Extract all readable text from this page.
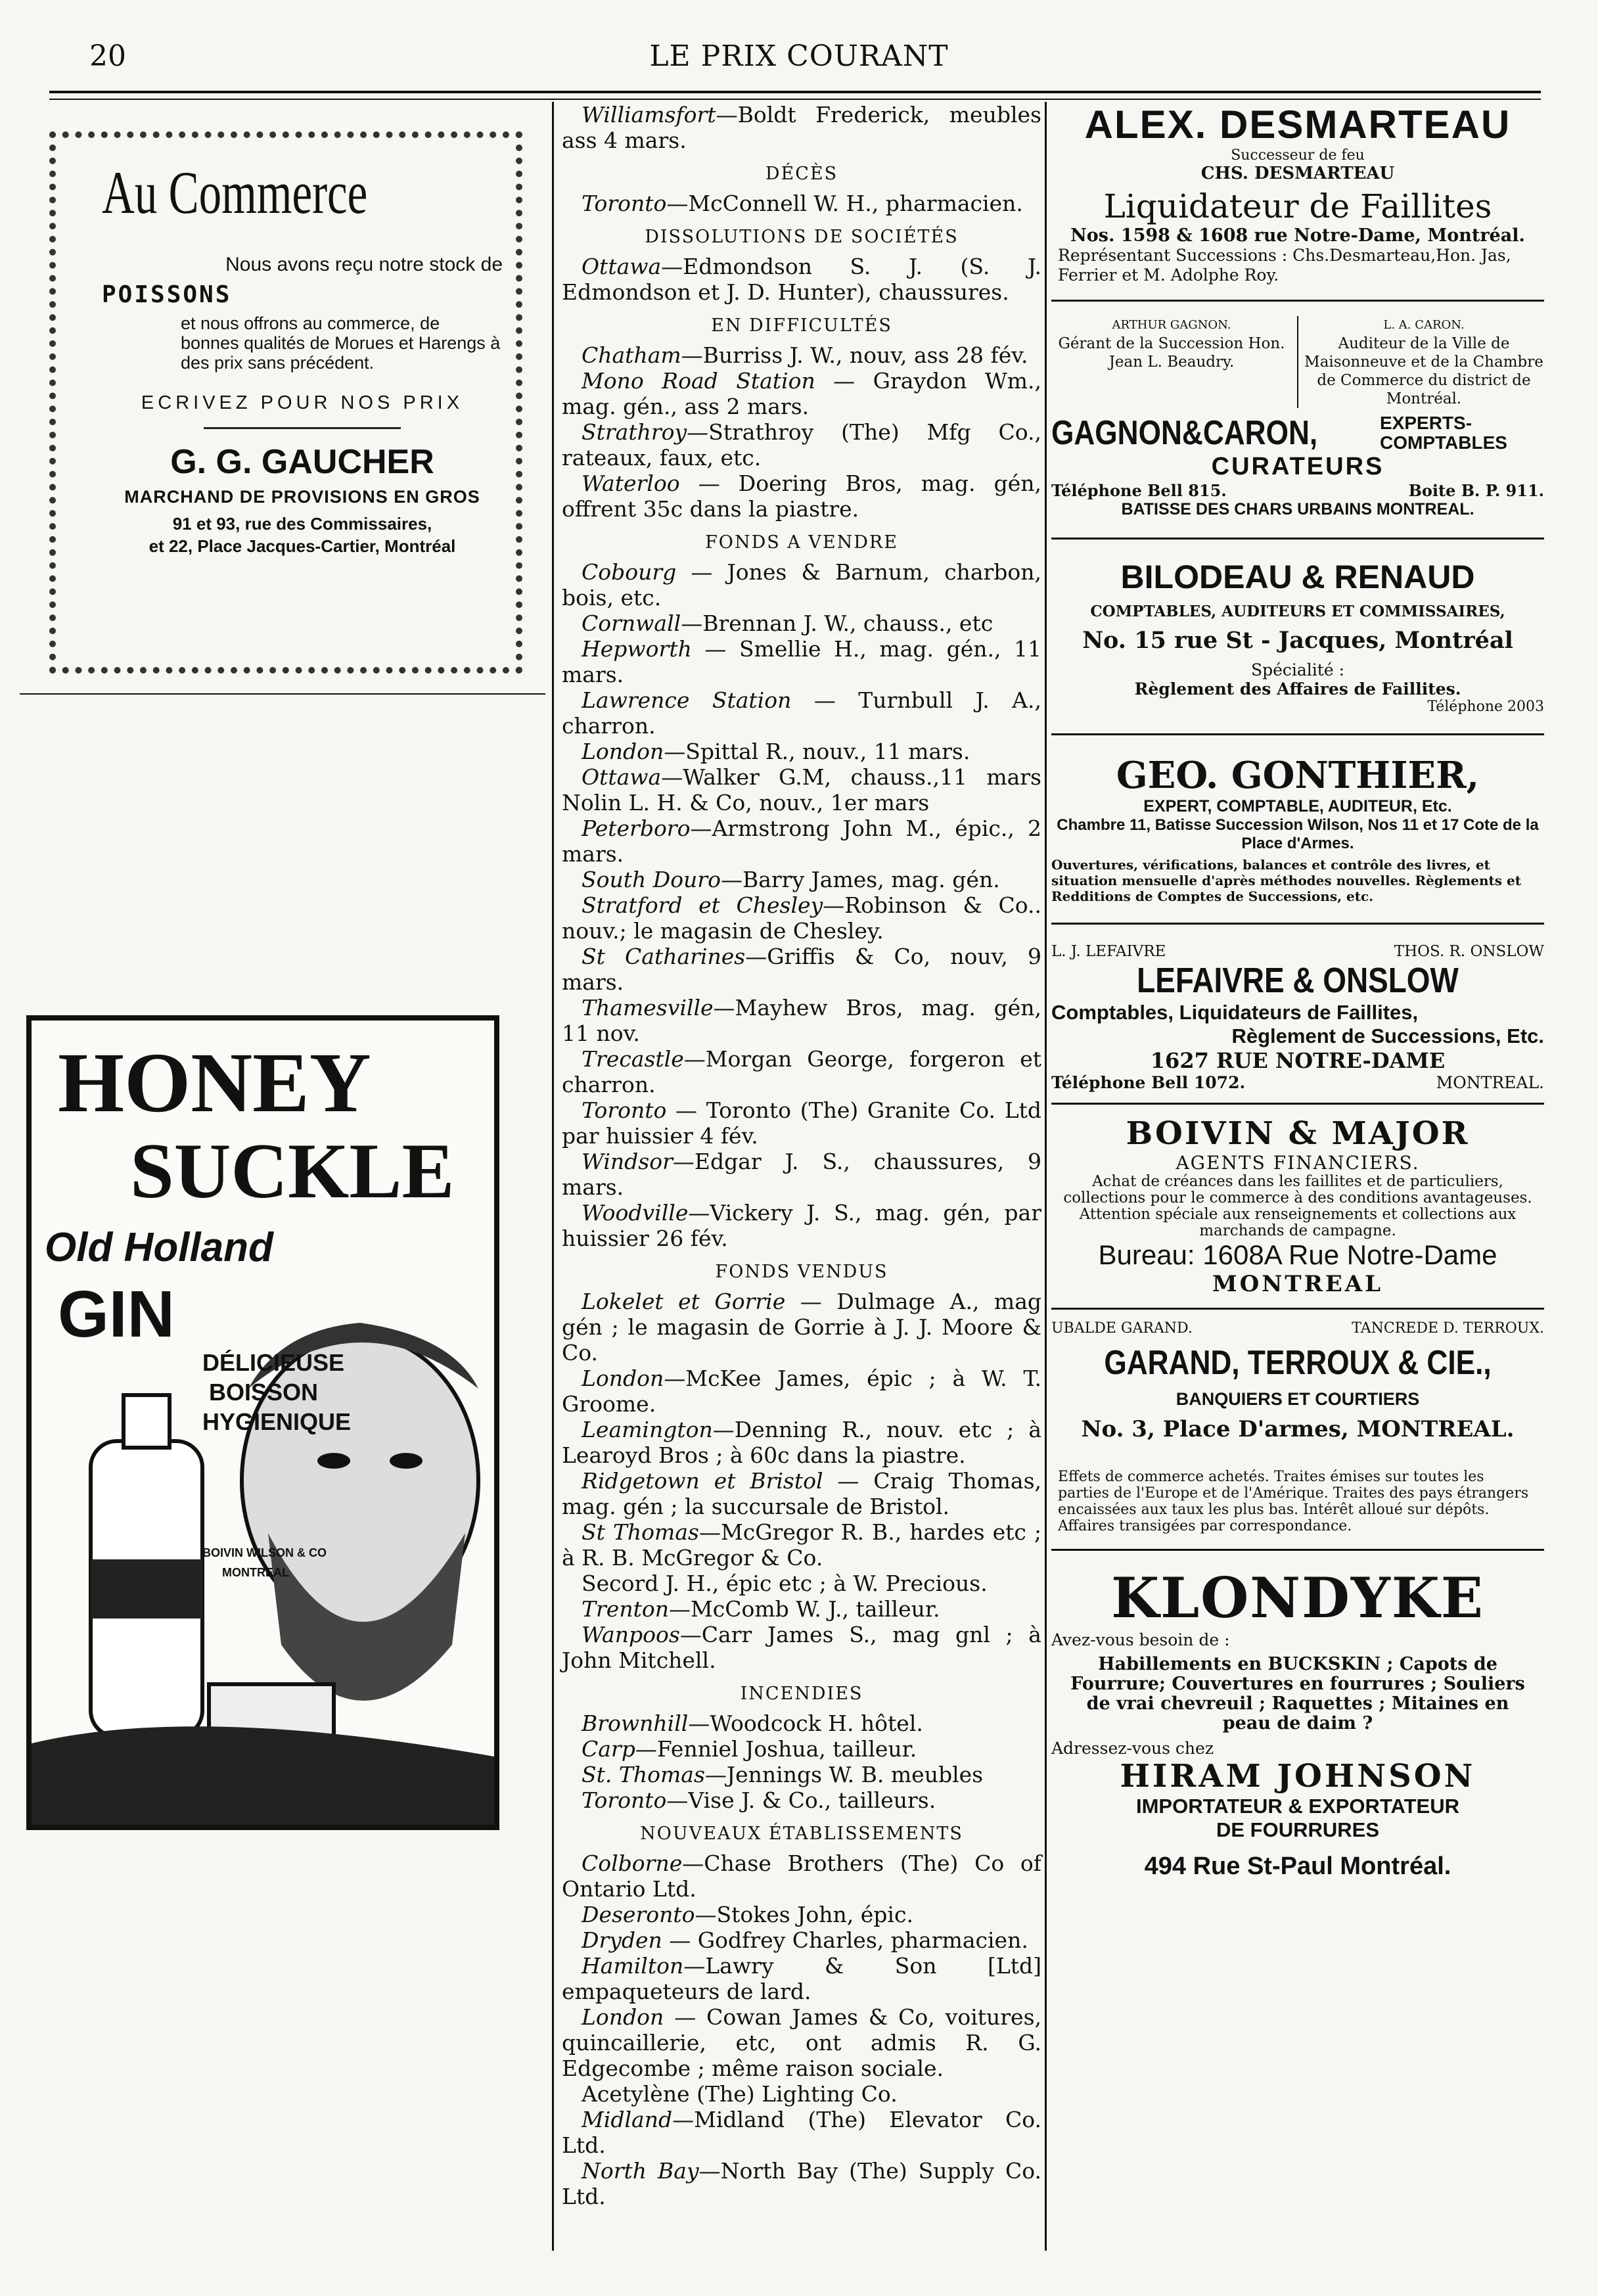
20	LE PRIX COURANT
Au Commerce
Nous avons reçu notre stock de
POISSONS
et nous offrons au commerce, de bonnes qualités de Morues et Harengs à des prix sans précédent.
ECRIVEZ POUR NOS PRIX
G. G. GAUCHER
MARCHAND DE PROVISIONS EN GROS
91 et 93, rue des Commissaires,
et 22, Place Jacques-Cartier, Montréal
HONEY
SUCKLE
Old Holland
GIN
DÉLICIEUSE
BOISSON
HYGIENIQUE
BOIVIN WILSON & CO
MONTREAL

Williamsfort—Boldt Frederick, meubles ass 4 mars.

DÉCÈS

Toronto—McConnell W. H., pharmacien.

DISSOLUTIONS DE SOCIÉTÉS

Ottawa—Edmondson S. J. (S. J. Edmondson et J. D. Hunter), chaussures.

EN DIFFICULTÉS

Chatham—Burriss J. W., nouv, ass 28 fév.

Mono Road Station — Graydon Wm., mag. gén., ass 2 mars.

Strathroy—Strathroy (The) Mfg Co., rateaux, faux, etc.

Waterloo — Doering Bros, mag. gén, offrent 35c dans la piastre.

FONDS A VENDRE

Cobourg — Jones & Barnum, charbon, bois, etc.

Cornwall—Brennan J. W., chauss., etc

Hepworth — Smellie H., mag. gén., 11 mars.

Lawrence Station — Turnbull J. A., charron.

London—Spittal R., nouv., 11 mars.

Ottawa—Walker G.M, chauss.,11 mars Nolin L. H. & Co, nouv., 1er mars

Peterboro—Armstrong John M., épic., 2 mars.

South Douro—Barry James, mag. gén.

Stratford et Chesley—Robinson & Co.. nouv.; le magasin de Chesley.

St Catharines—Griffis & Co, nouv, 9 mars.

Thamesville—Mayhew Bros, mag. gén, 11 nov.

Trecastle—Morgan George, forgeron et charron.

Toronto — Toronto (The) Granite Co. Ltd par huissier 4 fév.

Windsor—Edgar J. S., chaussures, 9 mars.

Woodville—Vickery J. S., mag. gén, par huissier 26 fév.

FONDS VENDUS

Lokelet et Gorrie — Dulmage A., mag gén ; le magasin de Gorrie à J. J. Moore & Co.

London—McKee James, épic ; à W. T. Groome.

Leamington—Denning R., nouv. etc ; à Learoyd Bros ; à 60c dans la piastre.

Ridgetown et Bristol — Craig Thomas, mag. gén ; la succursale de Bristol.

St Thomas—McGregor R. B., hardes etc ; à R. B. McGregor & Co.

Secord J. H., épic etc ; à W. Precious.

Trenton—McComb W. J., tailleur.

Wanpoos—Carr James S., mag gnl ; à John Mitchell.

INCENDIES

Brownhill—Woodcock H. hôtel.

Carp—Fenniel Joshua, tailleur.

St. Thomas—Jennings W. B. meubles

Toronto—Vise J. & Co., tailleurs.

NOUVEAUX ÉTABLISSEMENTS

Colborne—Chase Brothers (The) Co of Ontario Ltd.

Deseronto—Stokes John, épic.

Dryden — Godfrey Charles, pharmacien.

Hamilton—Lawry & Son [Ltd] empaqueteurs de lard.

London — Cowan James & Co, voitures, quincaillerie, etc, ont admis R. G. Edgecombe ; même raison sociale.

Acetylène (The) Lighting Co.

Midland—Midland (The) Elevator Co. Ltd.

North Bay—North Bay (The) Supply Co. Ltd.

ALEX. DESMARTEAU
Successeur de feu
CHS. DESMARTEAU
Liquidateur de Faillites
Nos. 1598 & 1608 rue Notre-Dame, Montréal.
Représentant Successions : Chs.Desmarteau,Hon. Jas, Ferrier et M. Adolphe Roy.
ARTHUR GAGNON.
Gérant de la Succession Hon. Jean L. Beaudry.
L. A. CARON.
Auditeur de la Ville de Maisonneuve et de la Chambre de Commerce du district de Montréal.
GAGNON&CARON,	EXPERTS-
COMPTABLES
CURATEURS
Téléphone Bell 815.	Boite B. P. 911.
BATISSE DES CHARS URBAINS MONTREAL.
BILODEAU & RENAUD
COMPTABLES, AUDITEURS ET COMMISSAIRES,
No. 15 rue St - Jacques, Montréal
Spécialité :
Règlement des Affaires de Faillites.
Téléphone 2003
GEO. GONTHIER,
EXPERT, COMPTABLE, AUDITEUR, Etc.
Chambre 11, Batisse Succession Wilson, Nos 11 et 17 Cote de la Place d'Armes.
Ouvertures, vérifications, balances et contrôle des livres, et situation mensuelle d'après méthodes nouvelles. Règlements et Redditions de Comptes de Successions, etc.
L. J. LEFAIVRE	THOS. R. ONSLOW
LEFAIVRE & ONSLOW
Comptables, Liquidateurs de Faillites,
Règlement de Successions, Etc.
1627 RUE NOTRE-DAME
Téléphone Bell 1072.	MONTREAL.
BOIVIN & MAJOR
AGENTS FINANCIERS.
Achat de créances dans les faillites et de particuliers, collections pour le commerce à des conditions avantageuses. Attention spéciale aux renseignements et collections aux marchands de campagne.
Bureau: 1608A Rue Notre-Dame
MONTREAL
UBALDE GARAND.	TANCREDE D. TERROUX.
GARAND, TERROUX & CIE.,
BANQUIERS ET COURTIERS
No. 3, Place D'armes, MONTREAL.
Effets de commerce achetés. Traites émises sur toutes les parties de l'Europe et de l'Amérique. Traites des pays étrangers encaissées aux taux les plus bas. Intérêt alloué sur dépôts. Affaires transigées par correspondance.
KLONDYKE
Avez-vous besoin de :
Habillements en BUCKSKIN ; Capots de Fourrure; Couvertures en fourrures ; Souliers de vrai chevreuil ; Raquettes ; Mitaines en peau de daim ?
Adressez-vous chez
HIRAM JOHNSON
IMPORTATEUR & EXPORTATEUR
DE FOURRURES
494 Rue St-Paul Montréal.
